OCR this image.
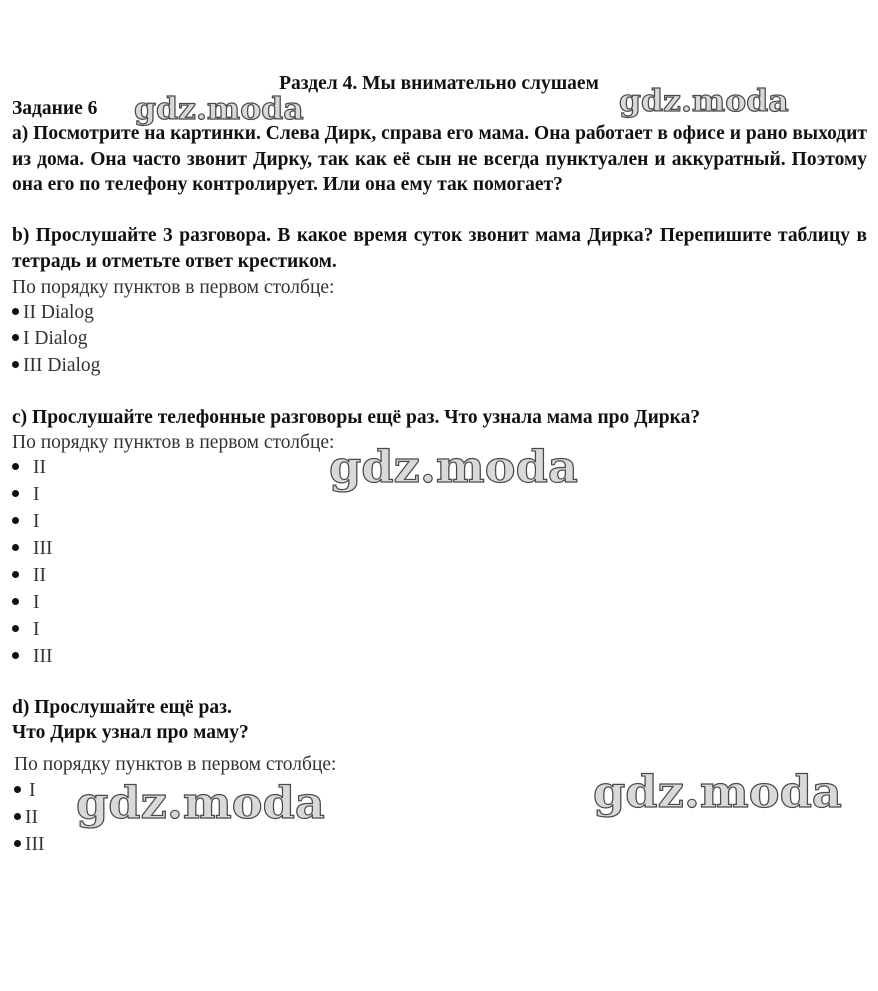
Раздел 4. Мы внимательно слушаем
Задание 6

а) Посмотрите на картинки. Слева Дирк, справа его мама. Она работает в офисе и рано выходит из дома. Она часто звонит Дирку, так как её сын не всегда пунктуален и аккуратный. Поэтому она его по телефону контролирует. Или она ему так помогает?

b) Прослушайте 3 разговора. В какое время суток звонит мама Дирка? Перепишите таблицу в тетрадь и отметьте ответ крестиком.

По порядку пунктов в первом столбце:
II Dialog
I Dialog
III Dialog
c) Прослушайте телефонные разговоры ещё раз. Что узнала мама про Дирка?
По порядку пунктов в первом столбце:
II
I
I
III
II
I
I
III
d) Прослушайте ещё раз.
Что Дирк узнал про маму?
По порядку пунктов в первом столбце:
I
II
III
gdz.moda	gdz.moda
gdz.moda
gdz.moda	gdz.moda
